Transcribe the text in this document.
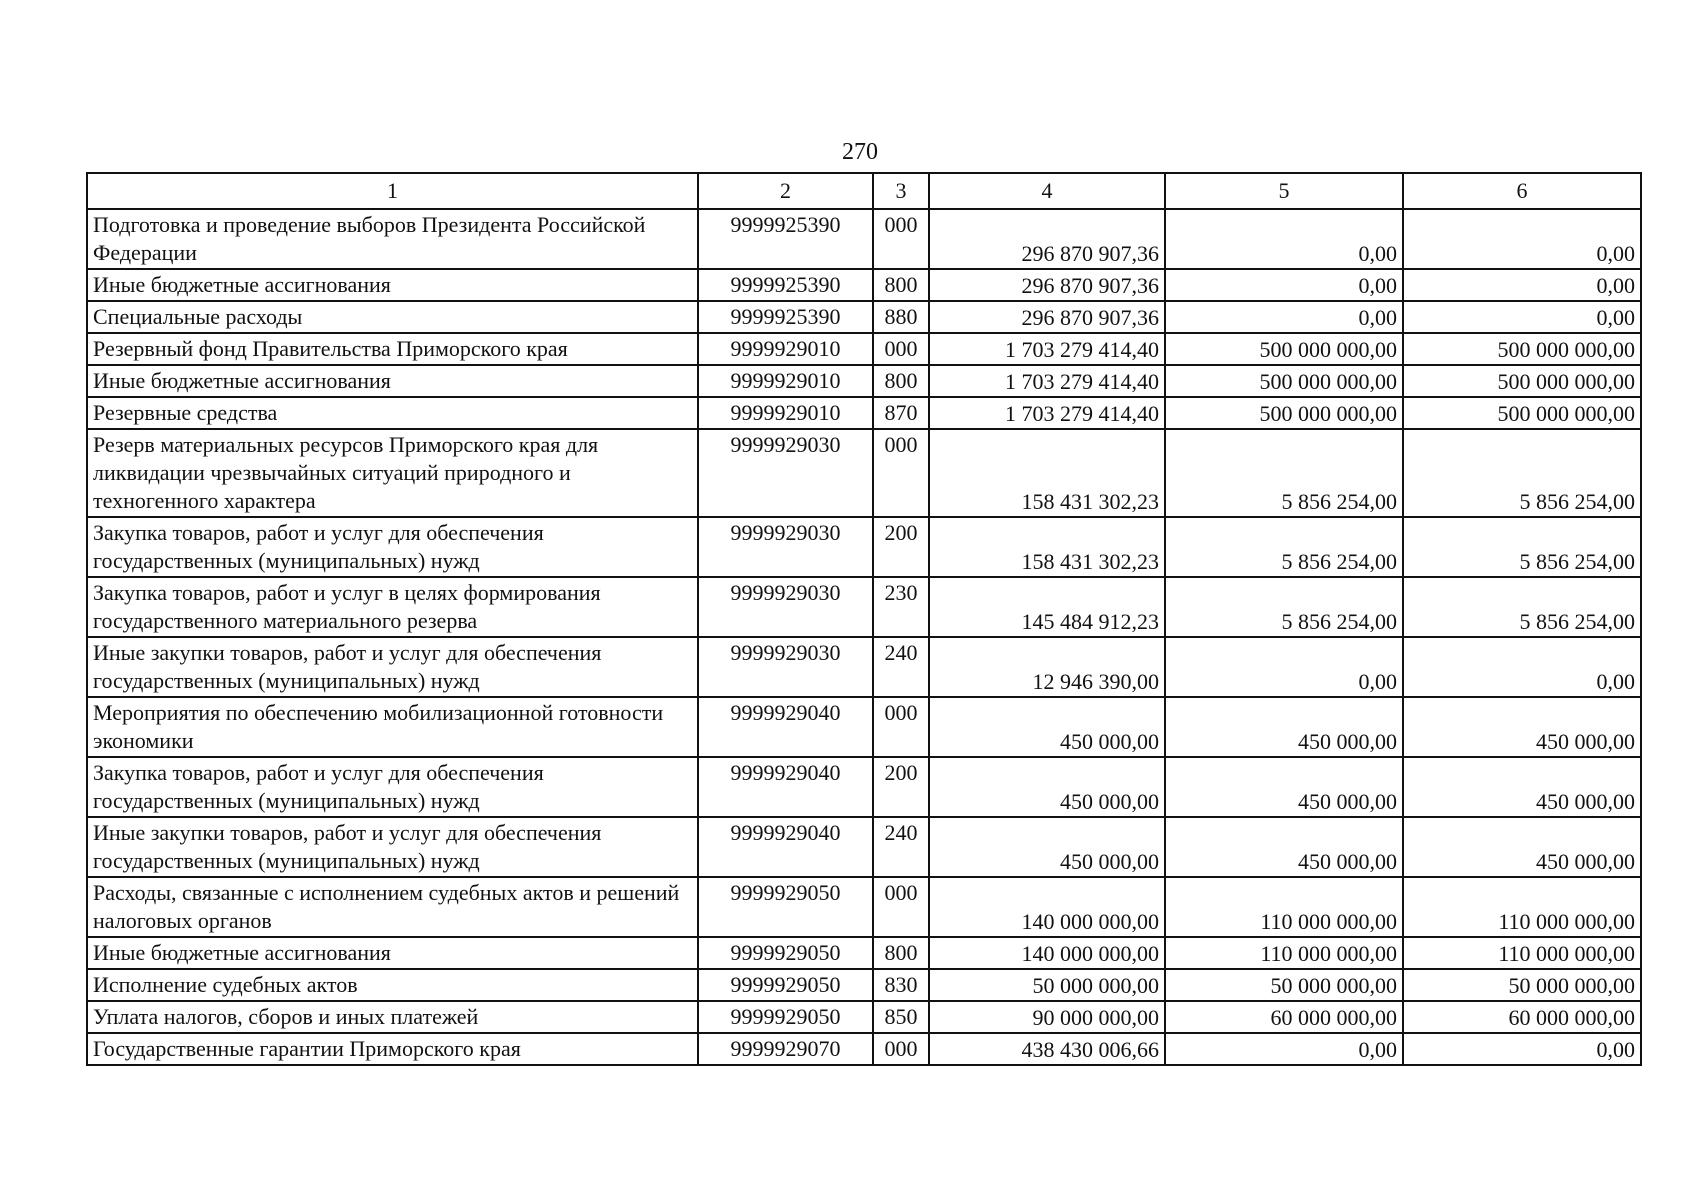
270
1	2	3	4	5	6
Подготовка и проведение выборов Президента Российской Федерации	9999925390	000	296 870 907,36	0,00	0,00
Иные бюджетные ассигнования	9999925390	800	296 870 907,36	0,00	0,00
Специальные расходы	9999925390	880	296 870 907,36	0,00	0,00
Резервный фонд Правительства Приморского края	9999929010	000	1 703 279 414,40	500 000 000,00	500 000 000,00
Иные бюджетные ассигнования	9999929010	800	1 703 279 414,40	500 000 000,00	500 000 000,00
Резервные средства	9999929010	870	1 703 279 414,40	500 000 000,00	500 000 000,00
Резерв материальных ресурсов Приморского края для ликвидации чрезвычайных ситуаций природного и техногенного характера	9999929030	000	158 431 302,23	5 856 254,00	5 856 254,00
Закупка товаров, работ и услуг для обеспечения государственных (муниципальных) нужд	9999929030	200	158 431 302,23	5 856 254,00	5 856 254,00
Закупка товаров, работ и услуг в целях формирования государственного материального резерва	9999929030	230	145 484 912,23	5 856 254,00	5 856 254,00
Иные закупки товаров, работ и услуг для обеспечения государственных (муниципальных) нужд	9999929030	240	12 946 390,00	0,00	0,00
Мероприятия по обеспечению мобилизационной готовности экономики	9999929040	000	450 000,00	450 000,00	450 000,00
Закупка товаров, работ и услуг для обеспечения государственных (муниципальных) нужд	9999929040	200	450 000,00	450 000,00	450 000,00
Иные закупки товаров, работ и услуг для обеспечения государственных (муниципальных) нужд	9999929040	240	450 000,00	450 000,00	450 000,00
Расходы, связанные с исполнением судебных актов и решений налоговых органов	9999929050	000	140 000 000,00	110 000 000,00	110 000 000,00
Иные бюджетные ассигнования	9999929050	800	140 000 000,00	110 000 000,00	110 000 000,00
Исполнение судебных актов	9999929050	830	50 000 000,00	50 000 000,00	50 000 000,00
Уплата налогов, сборов и иных платежей	9999929050	850	90 000 000,00	60 000 000,00	60 000 000,00
Государственные гарантии Приморского края	9999929070	000	438 430 006,66	0,00	0,00
